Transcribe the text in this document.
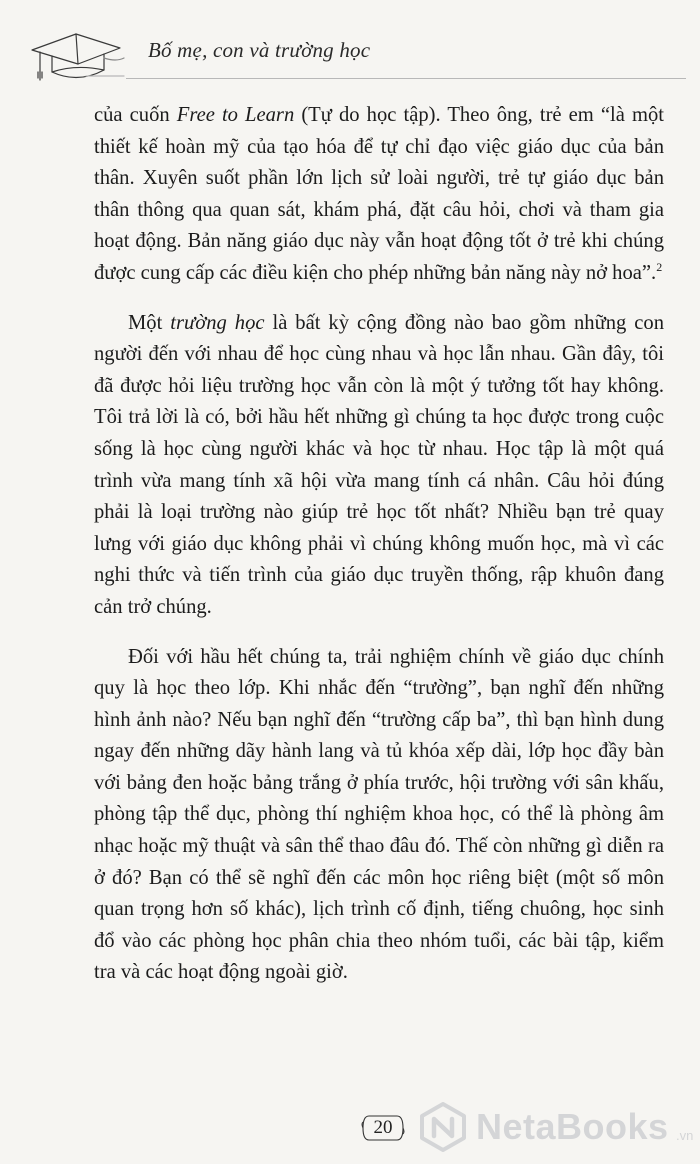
Bố mẹ, con và trường học

của cuốn Free to Learn (Tự do học tập). Theo ông, trẻ em “là một thiết kế hoàn mỹ của tạo hóa để tự chỉ đạo việc giáo dục của bản thân. Xuyên suốt phần lớn lịch sử loài người, trẻ tự giáo dục bản thân thông qua quan sát, khám phá, đặt câu hỏi, chơi và tham gia hoạt động. Bản năng giáo dục này vẫn hoạt động tốt ở trẻ khi chúng được cung cấp các điều kiện cho phép những bản năng này nở hoa”.$^2$

Một trường học là bất kỳ cộng đồng nào bao gồm những con người đến với nhau để học cùng nhau và học lẫn nhau. Gần đây, tôi đã được hỏi liệu trường học vẫn còn là một ý tưởng tốt hay không. Tôi trả lời là có, bởi hầu hết những gì chúng ta học được trong cuộc sống là học cùng người khác và học từ nhau. Học tập là một quá trình vừa mang tính xã hội vừa mang tính cá nhân. Câu hỏi đúng phải là loại trường nào giúp trẻ học tốt nhất? Nhiều bạn trẻ quay lưng với giáo dục không phải vì chúng không muốn học, mà vì các nghi thức và tiến trình của giáo dục truyền thống, rập khuôn đang cản trở chúng.

Đối với hầu hết chúng ta, trải nghiệm chính về giáo dục chính quy là học theo lớp. Khi nhắc đến “trường”, bạn nghĩ đến những hình ảnh nào? Nếu bạn nghĩ đến “trường cấp ba”, thì bạn hình dung ngay đến những dãy hành lang và tủ khóa xếp dài, lớp học đầy bàn với bảng đen hoặc bảng trắng ở phía trước, hội trường với sân khấu, phòng tập thể dục, phòng thí nghiệm khoa học, có thể là phòng âm nhạc hoặc mỹ thuật và sân thể thao đâu đó. Thế còn những gì diễn ra ở đó? Bạn có thể sẽ nghĩ đến các môn học riêng biệt (một số môn quan trọng hơn số khác), lịch trình cố định, tiếng chuông, học sinh đổ vào các phòng học phân chia theo nhóm tuổi, các bài tập, kiểm tra và các hoạt động ngoài giờ.

20	NetaBooks .vn
